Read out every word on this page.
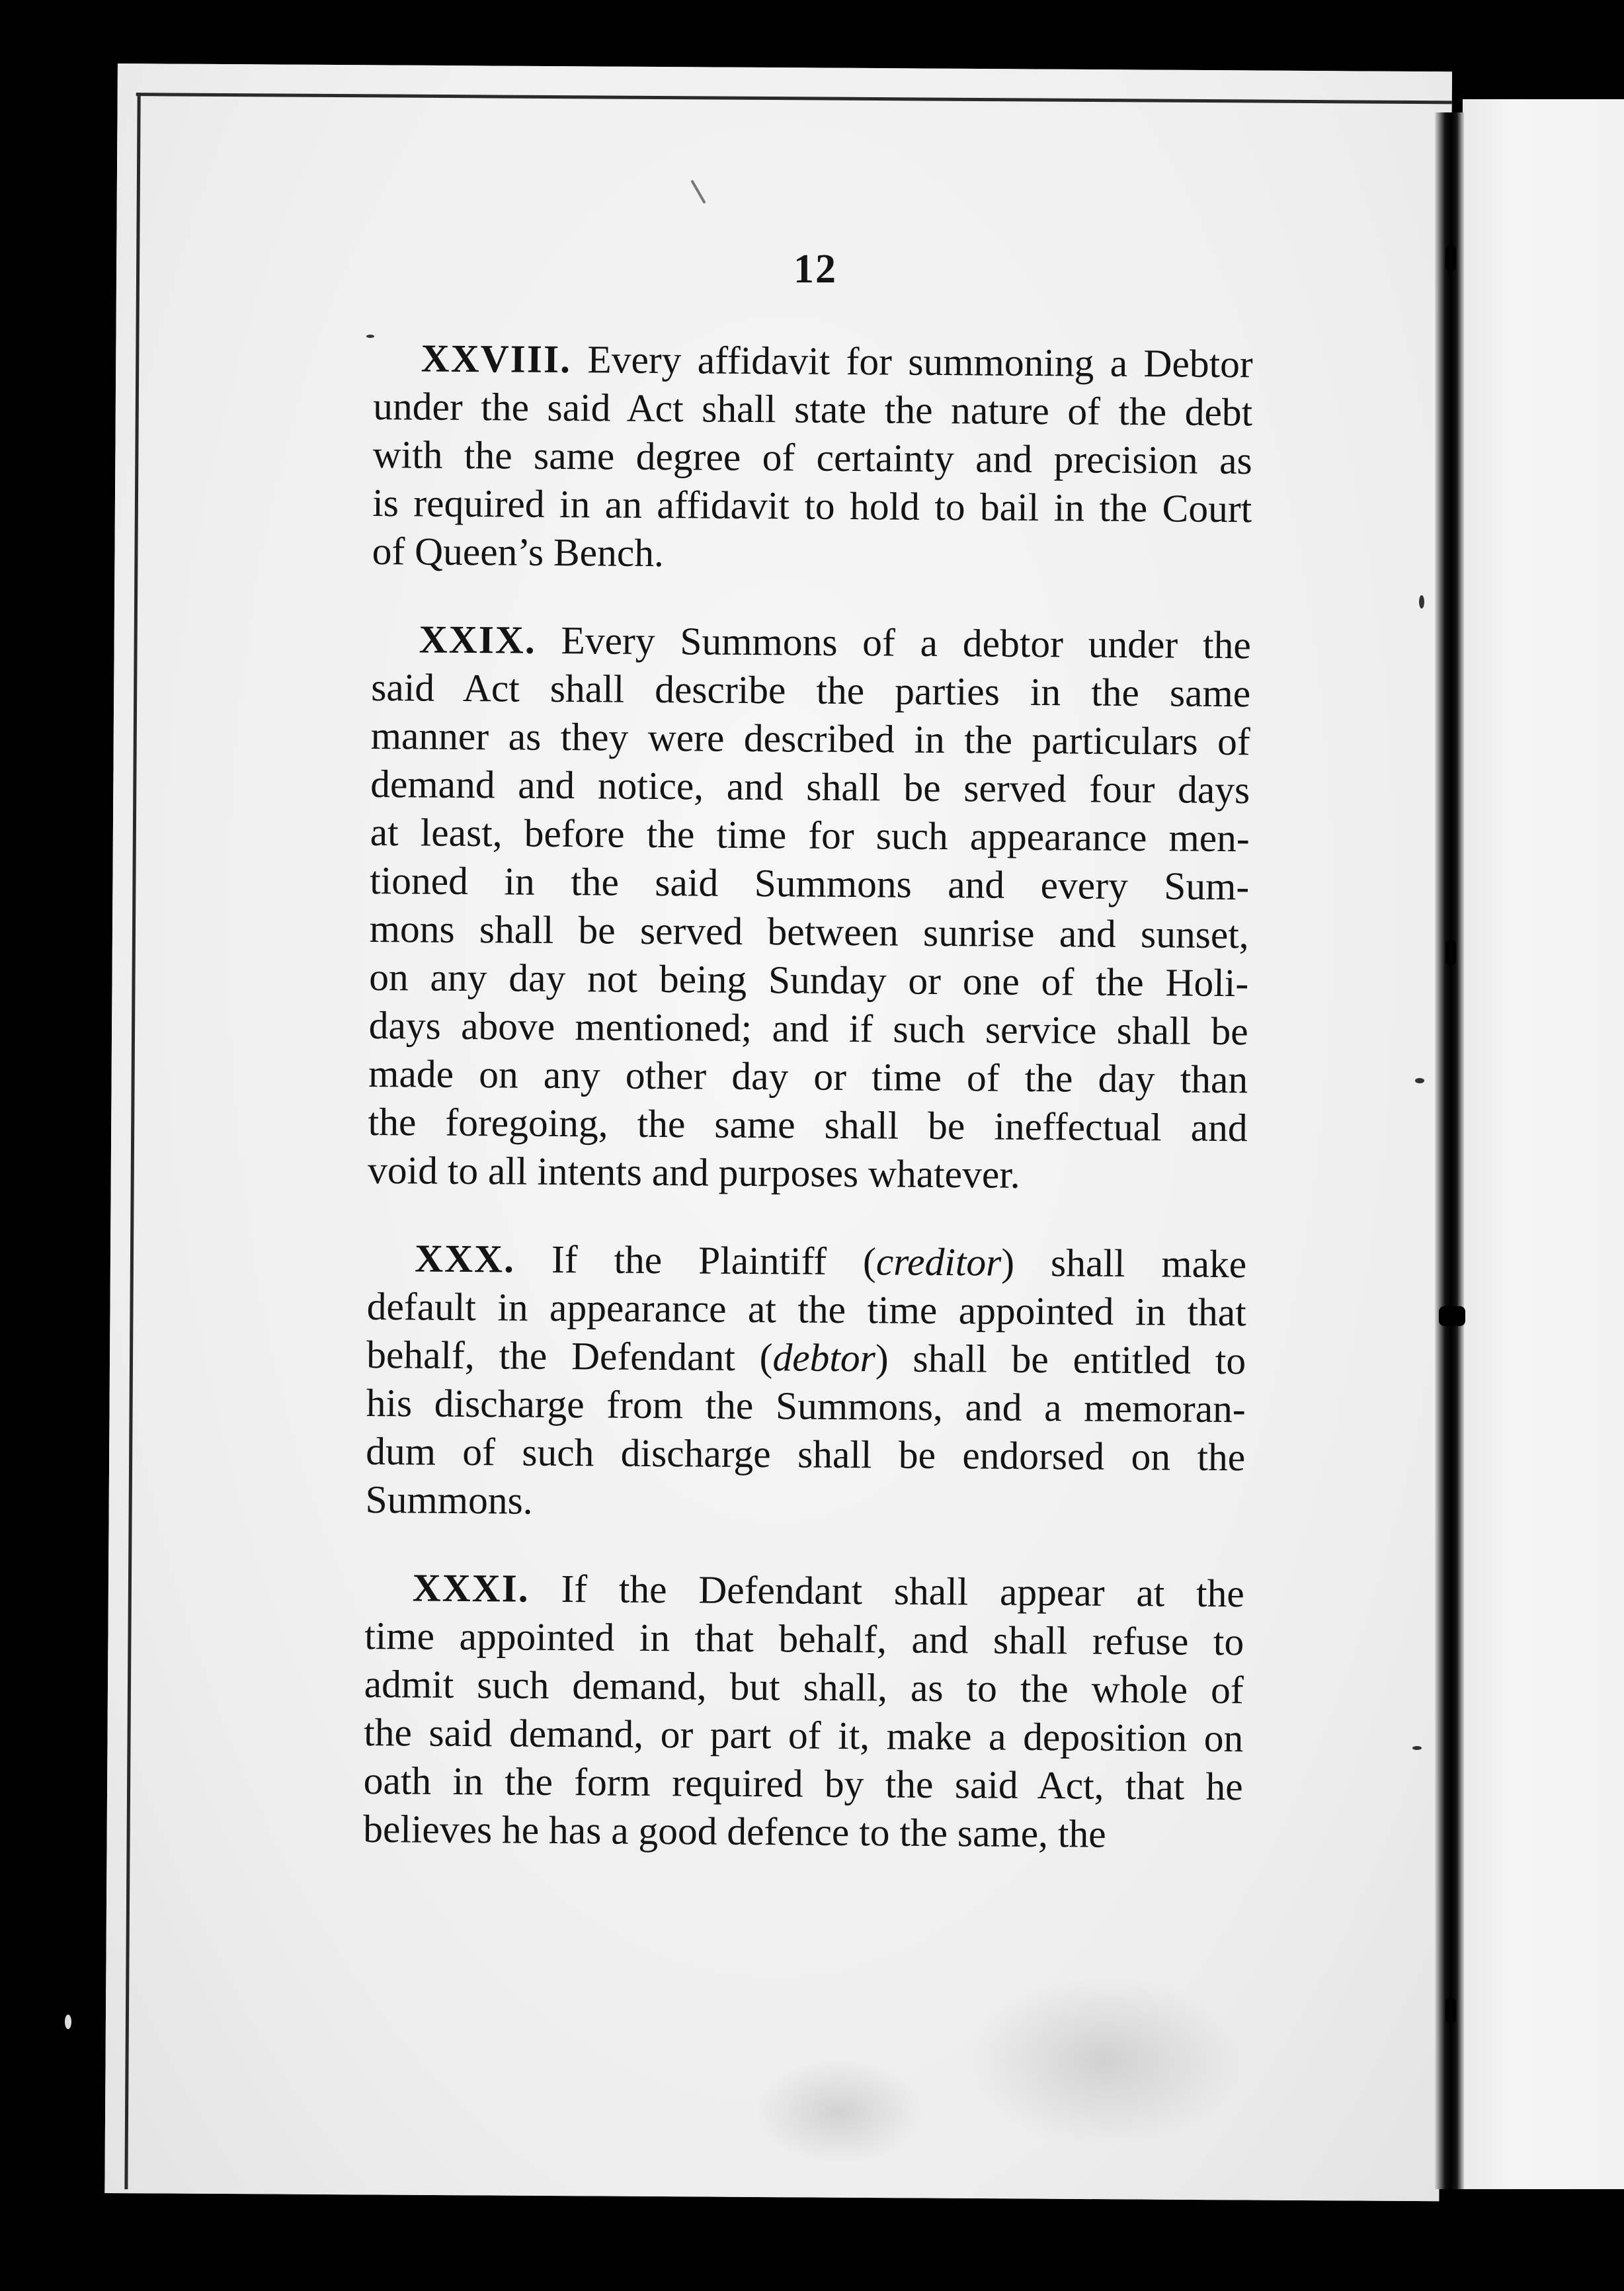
12
XXVIII. Every affidavit for summoning a Debtor
under the said Act shall state the nature of the debt
with the same degree of certainty and precision as
is required in an affidavit to hold to bail in the Court
of Queen’s Bench.
XXIX. Every Summons of a debtor under the
said Act shall describe the parties in the same
manner as they were described in the particulars of
demand and notice, and shall be served four days
at least, before the time for such appearance men-
tioned in the said Summons and every Sum-
mons shall be served between sunrise and sunset,
on any day not being Sunday or one of the Holi-
days above mentioned; and if such service shall be
made on any other day or time of the day than
the foregoing, the same shall be ineffectual and
void to all intents and purposes whatever.
XXX. If the Plaintiff (creditor) shall make
default in appearance at the time appointed in that
behalf, the Defendant (debtor) shall be entitled to
his discharge from the Summons, and a memoran-
dum of such discharge shall be endorsed on the
Summons.
XXXI. If the Defendant shall appear at the
time appointed in that behalf, and shall refuse to
admit such demand, but shall, as to the whole of
the said demand, or part of it, make a deposition on
oath in the form required by the said Act, that he
believes he has a good defence to the same, the
